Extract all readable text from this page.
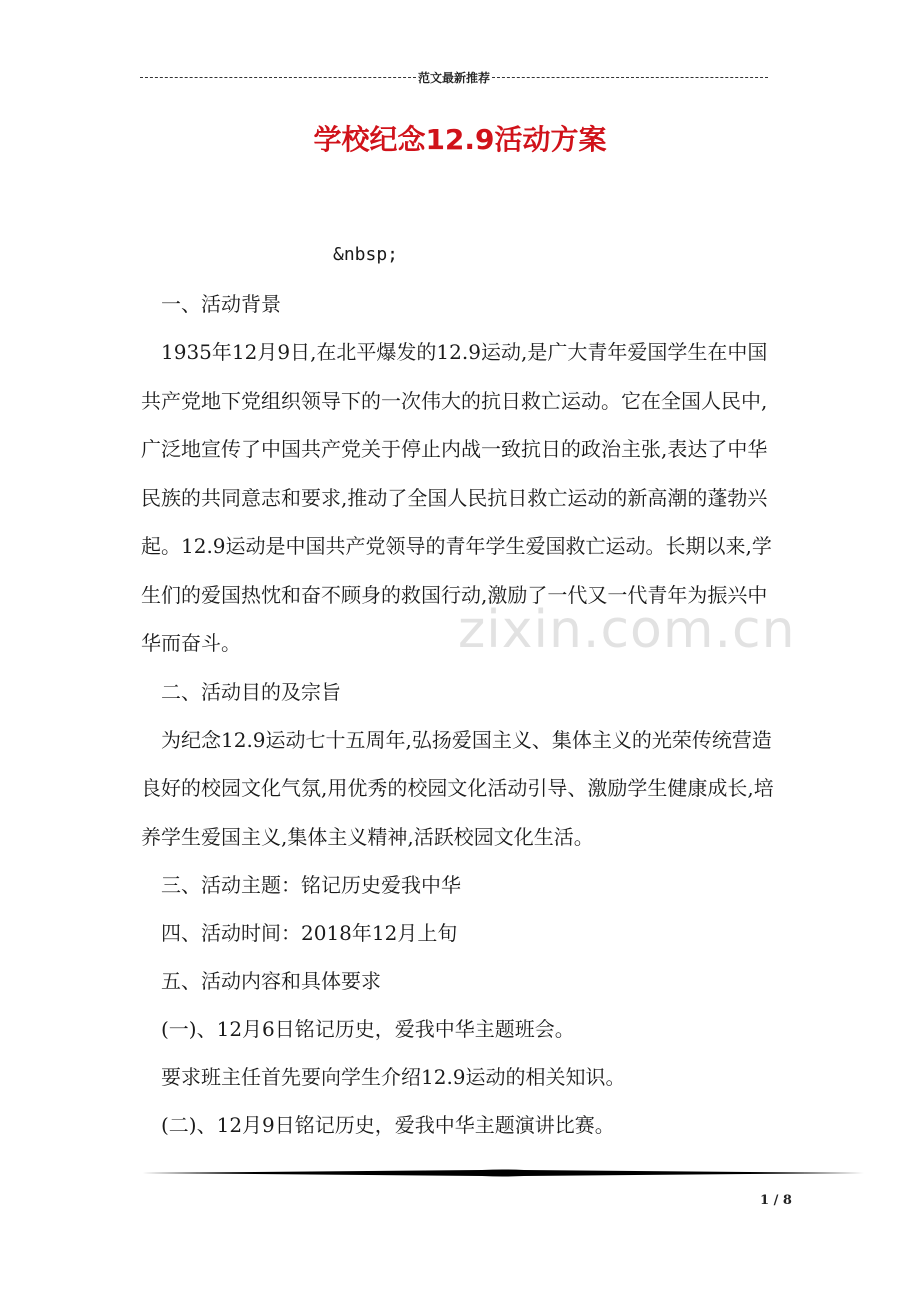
范文最新推荐
学校纪念12.9活动方案
&nbsp;

一、活动背景

1935年12月9日,在北平爆发的12.9运动,是广大青年爱国学生在中国共产党地下党组织领导下的一次伟大的抗日救亡运动。它在全国人民中,广泛地宣传了中国共产党关于停止内战一致抗日的政治主张,表达了中华民族的共同意志和要求,推动了全国人民抗日救亡运动的新高潮的蓬勃兴起。12.9运动是中国共产党领导的青年学生爱国救亡运动。长期以来,学生们的爱国热忱和奋不顾身的救国行动,激励了一代又一代青年为振兴中华而奋斗。

二、活动目的及宗旨

为纪念12.9运动七十五周年,弘扬爱国主义、集体主义的光荣传统营造良好的校园文化气氛,用优秀的校园文化活动引导、激励学生健康成长,培养学生爱国主义,集体主义精神,活跃校园文化生活。

三、活动主题：铭记历史爱我中华

四、活动时间：2018年12月上旬

五、活动内容和具体要求

(一)、12月6日铭记历史，爱我中华主题班会。

要求班主任首先要向学生介绍12.9运动的相关知识。

(二)、12月9日铭记历史，爱我中华主题演讲比赛。

zixin.com.cn
1 / 8
